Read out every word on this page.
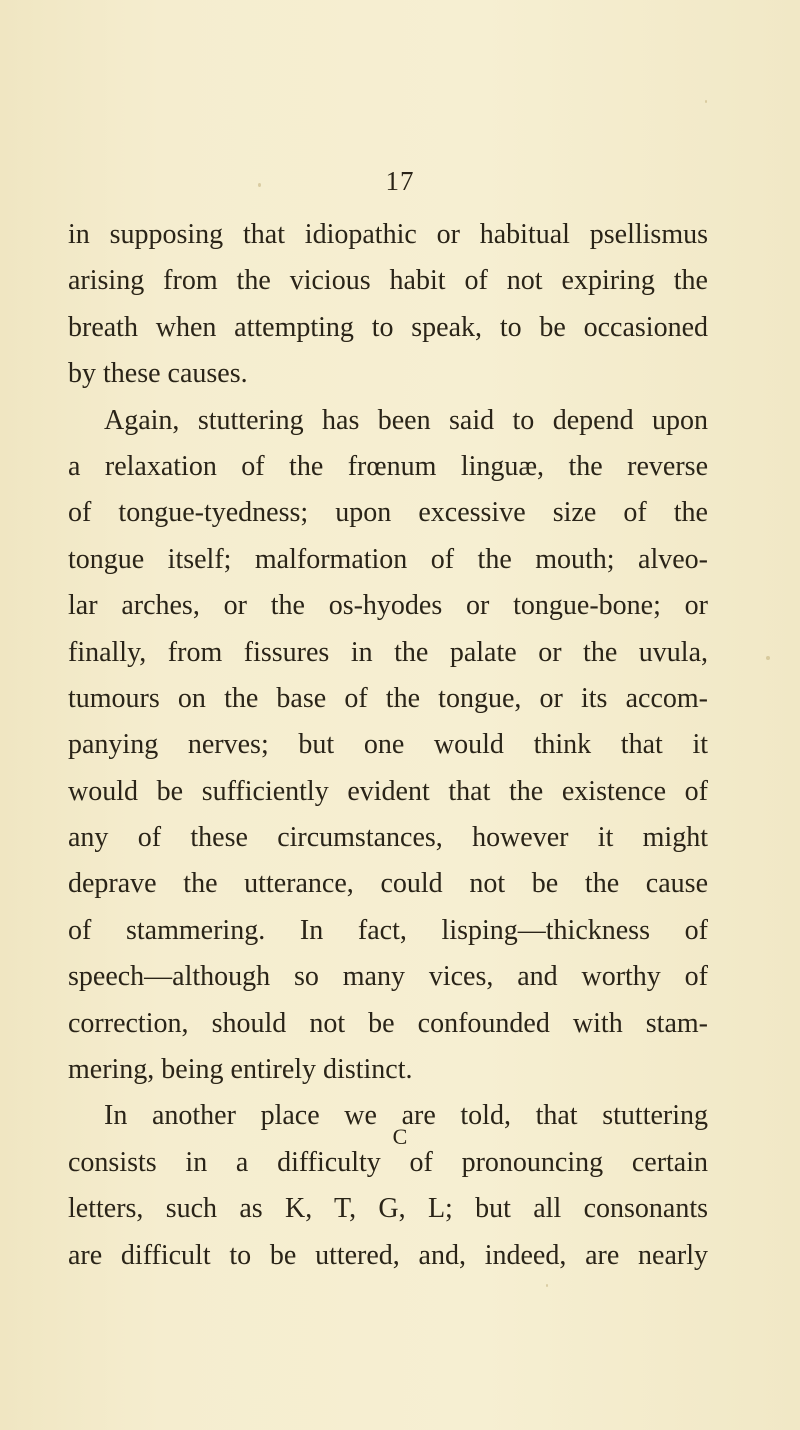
17
in supposing that idiopathic or habitual psellismus
arising from the vicious habit of not expiring the
breath when attempting to speak, to be occasioned
by these causes.
Again, stuttering has been said to depend upon
a relaxation of the frœnum linguæ, the reverse
of tongue-tyedness; upon excessive size of the
tongue itself; malformation of the mouth; alveo-
lar arches, or the os-hyodes or tongue-bone; or
finally, from fissures in the palate or the uvula,
tumours on the base of the tongue, or its accom-
panying nerves; but one would think that it
would be sufficiently evident that the existence of
any of these circumstances, however it might
deprave the utterance, could not be the cause
of stammering. In fact, lisping—thickness of
speech—although so many vices, and worthy of
correction, should not be confounded with stam-
mering, being entirely distinct.
In another place we are told, that stuttering
consists in a difficulty of pronouncing certain
letters, such as K, T, G, L; but all consonants
are difficult to be uttered, and, indeed, are nearly
C
